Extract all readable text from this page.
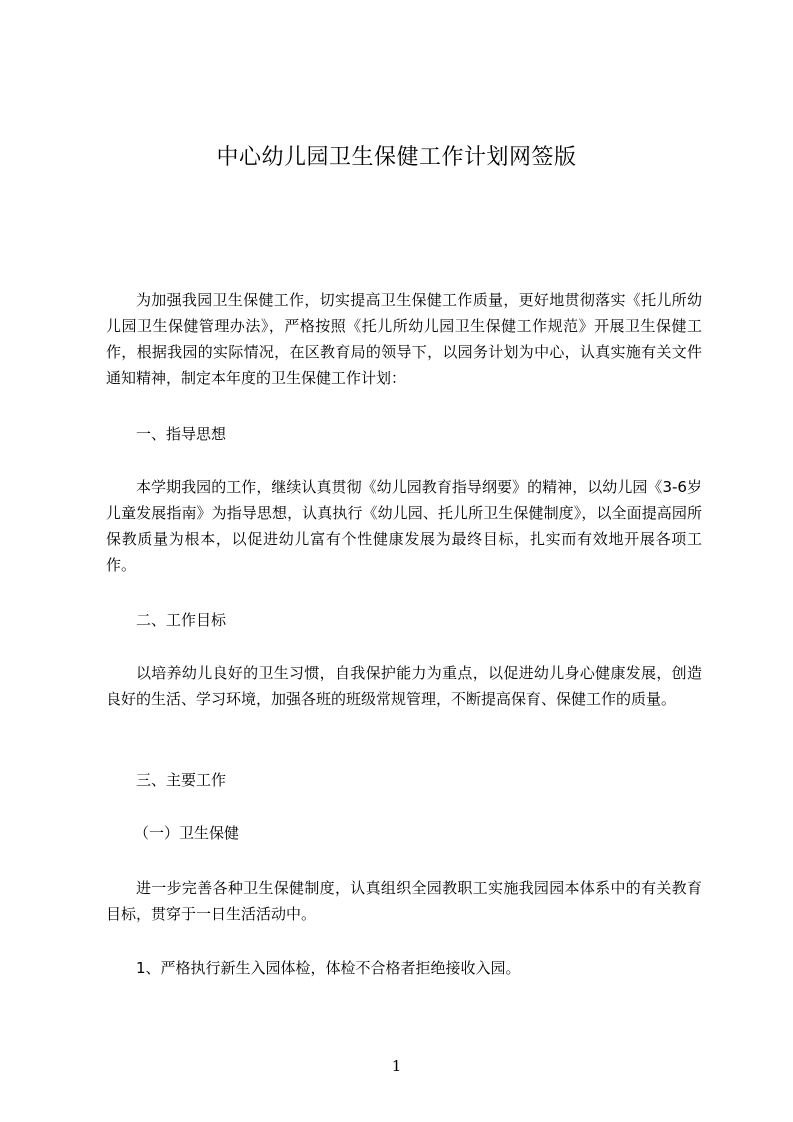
中心幼儿园卫生保健工作计划网签版

为加强我园卫生保健工作，切实提高卫生保健工作质量，更好地贯彻落实《托儿所幼儿园卫生保健管理办法》，严格按照《托儿所幼儿园卫生保健工作规范》开展卫生保健工作，根据我园的实际情况，在区教育局的领导下，以园务计划为中心，认真实施有关文件通知精神，制定本年度的卫生保健工作计划：

一、指导思想

本学期我园的工作，继续认真贯彻《幼儿园教育指导纲要》的精神，以幼儿园《3-6岁儿童发展指南》为指导思想，认真执行《幼儿园、托儿所卫生保健制度》，以全面提高园所保教质量为根本，以促进幼儿富有个性健康发展为最终目标，扎实而有效地开展各项工作。

二、工作目标

以培养幼儿良好的卫生习惯，自我保护能力为重点，以促进幼儿身心健康发展，创造良好的生活、学习环境，加强各班的班级常规管理，不断提高保育、保健工作的质量。

三、主要工作

（一）卫生保健

进一步完善各种卫生保健制度，认真组织全园教职工实施我园园本体系中的有关教育目标，贯穿于一日生活活动中。

1、严格执行新生入园体检，体检不合格者拒绝接收入园。

1
